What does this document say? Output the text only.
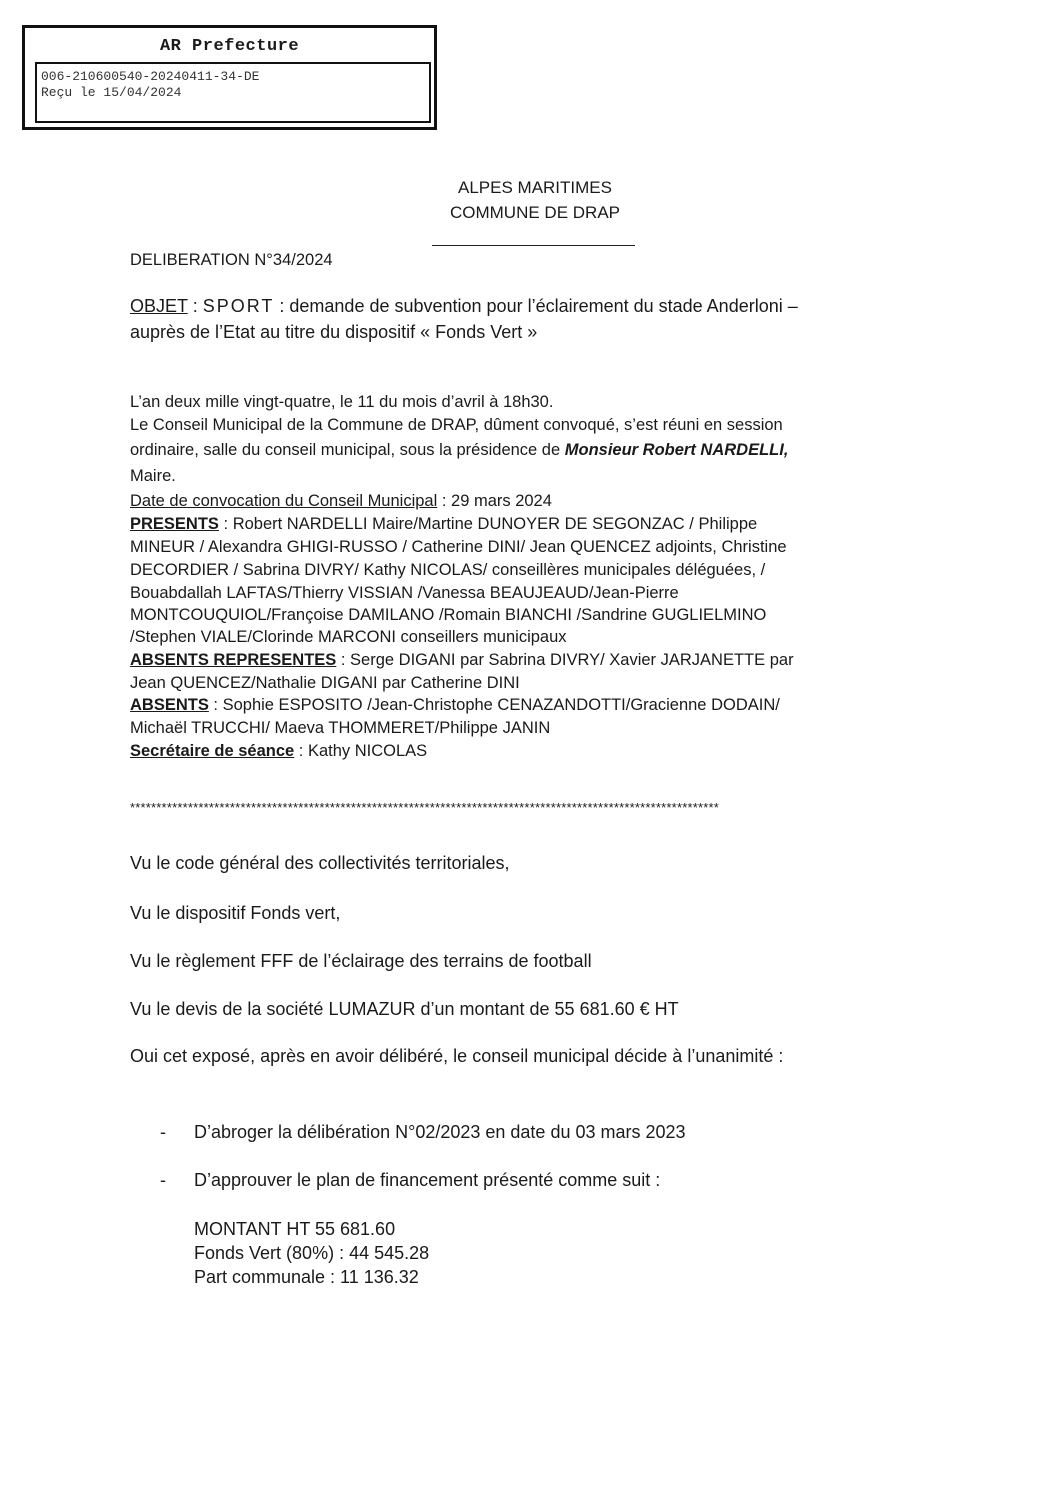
AR Prefecture
006-210600540-20240411-34-DE
Reçu le 15/04/2024
ALPES MARITIMES
COMMUNE DE DRAP
DELIBERATION N°34/2024
OBJET : SPORT : demande de subvention pour l’éclairement du stade Anderloni –
auprès de l’Etat au titre du dispositif « Fonds Vert »
L’an deux mille vingt-quatre, le 11 du mois d’avril à 18h30.
Le Conseil Municipal de la Commune de DRAP, dûment convoqué, s’est réuni en session
ordinaire, salle du conseil municipal, sous la présidence de Monsieur Robert NARDELLI,
Maire.
Date de convocation du Conseil Municipal : 29 mars 2024
PRESENTS : Robert NARDELLI Maire/Martine DUNOYER DE SEGONZAC / Philippe
MINEUR / Alexandra GHIGI-RUSSO / Catherine DINI/ Jean QUENCEZ adjoints, Christine
DECORDIER / Sabrina DIVRY/ Kathy NICOLAS/ conseillères municipales déléguées, /
Bouabdallah LAFTAS/Thierry VISSIAN /Vanessa BEAUJEAUD/Jean-Pierre
MONTCOUQUIOL/Françoise DAMILANO /Romain BIANCHI /Sandrine GUGLIELMINO
/Stephen VIALE/Clorinde MARCONI conseillers municipaux
ABSENTS REPRESENTES : Serge DIGANI par Sabrina DIVRY/ Xavier JARJANETTE par
Jean QUENCEZ/Nathalie DIGANI par Catherine DINI
ABSENTS : Sophie ESPOSITO /Jean-Christophe CENAZANDOTTI/Gracienne DODAIN/
Michaël TRUCCHI/ Maeva THOMMERET/Philippe JANIN
Secrétaire de séance : Kathy NICOLAS
****************************************************************************************************************
Vu le code général des collectivités territoriales,
Vu le dispositif Fonds vert,
Vu le règlement FFF de l’éclairage des terrains de football
Vu le devis de la société LUMAZUR d’un montant de 55 681.60 € HT
Oui cet exposé, après en avoir délibéré, le conseil municipal décide à l’unanimité :
- D’abroger la délibération N°02/2023 en date du 03 mars 2023
- D’approuver le plan de financement présenté comme suit :
MONTANT HT 55 681.60
Fonds Vert (80%) : 44 545.28
Part communale : 11 136.32
